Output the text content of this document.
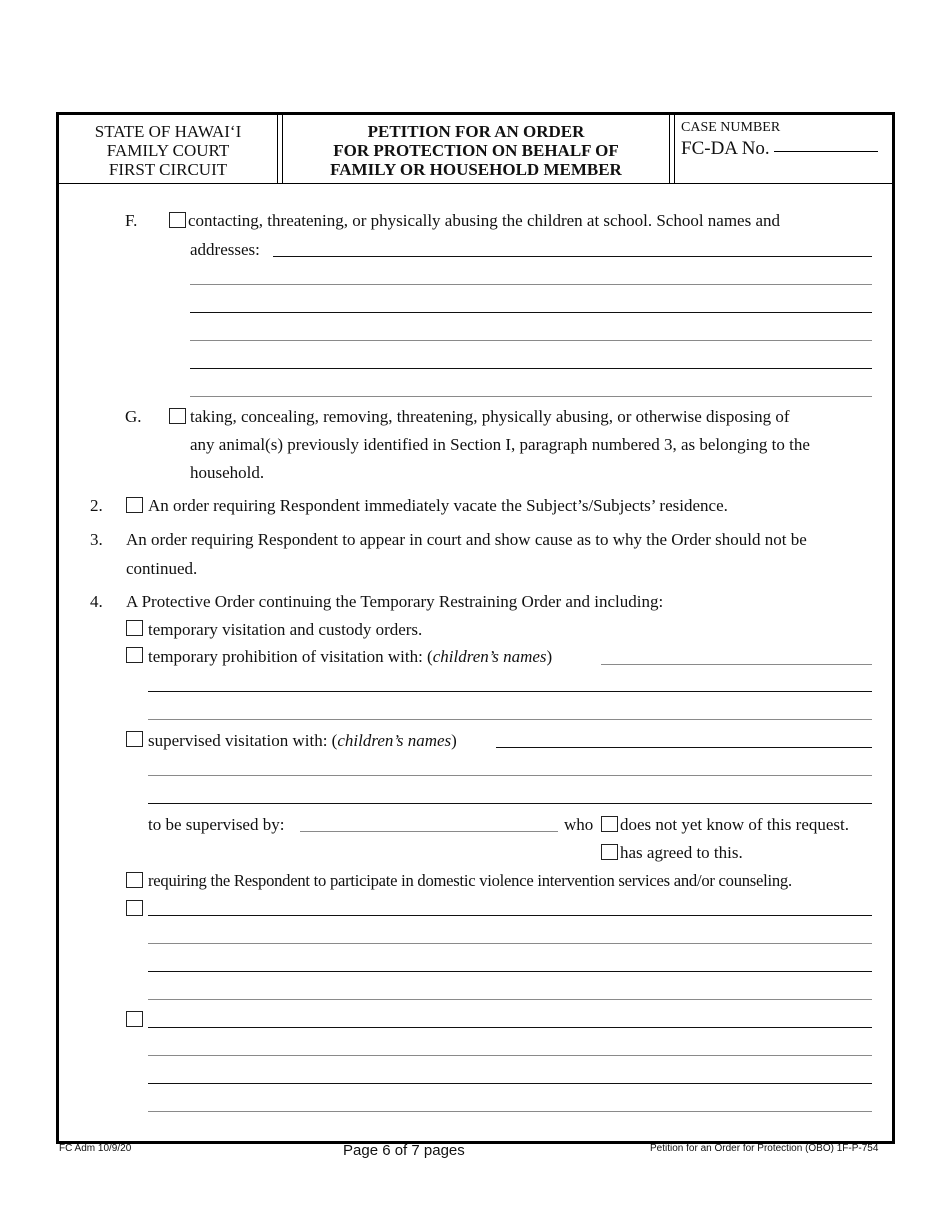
STATE OF HAWAI‘I
FAMILY COURT
FIRST CIRCUIT
PETITION FOR AN ORDER
FOR PROTECTION ON BEHALF OF
FAMILY OR HOUSEHOLD MEMBER
CASE NUMBER
FC-DA No.
F.	contacting, threatening, or physically abusing the children at school. School names and
addresses:
G.	taking, concealing, removing, threatening, physically abusing, or otherwise disposing of
any animal(s) previously identified in Section I, paragraph numbered 3, as belonging to the
household.
2.	An order requiring Respondent immediately vacate the Subject’s/Subjects’ residence.
3. An order requiring Respondent to appear in court and show cause as to why the Order should not be
continued.
4. A Protective Order continuing the Temporary Restraining Order and including:
temporary visitation and custody orders.
temporary prohibition of visitation with: (children’s names)
supervised visitation with: (children’s names)
to be supervised by:	who does not yet know of this request.
has agreed to this.
requiring the Respondent to participate in domestic violence intervention services and/or counseling.
FC Adm 10/9/20	Page 6 of 7 pages	Petition for an Order for Protection (OBO) 1F-P-754
